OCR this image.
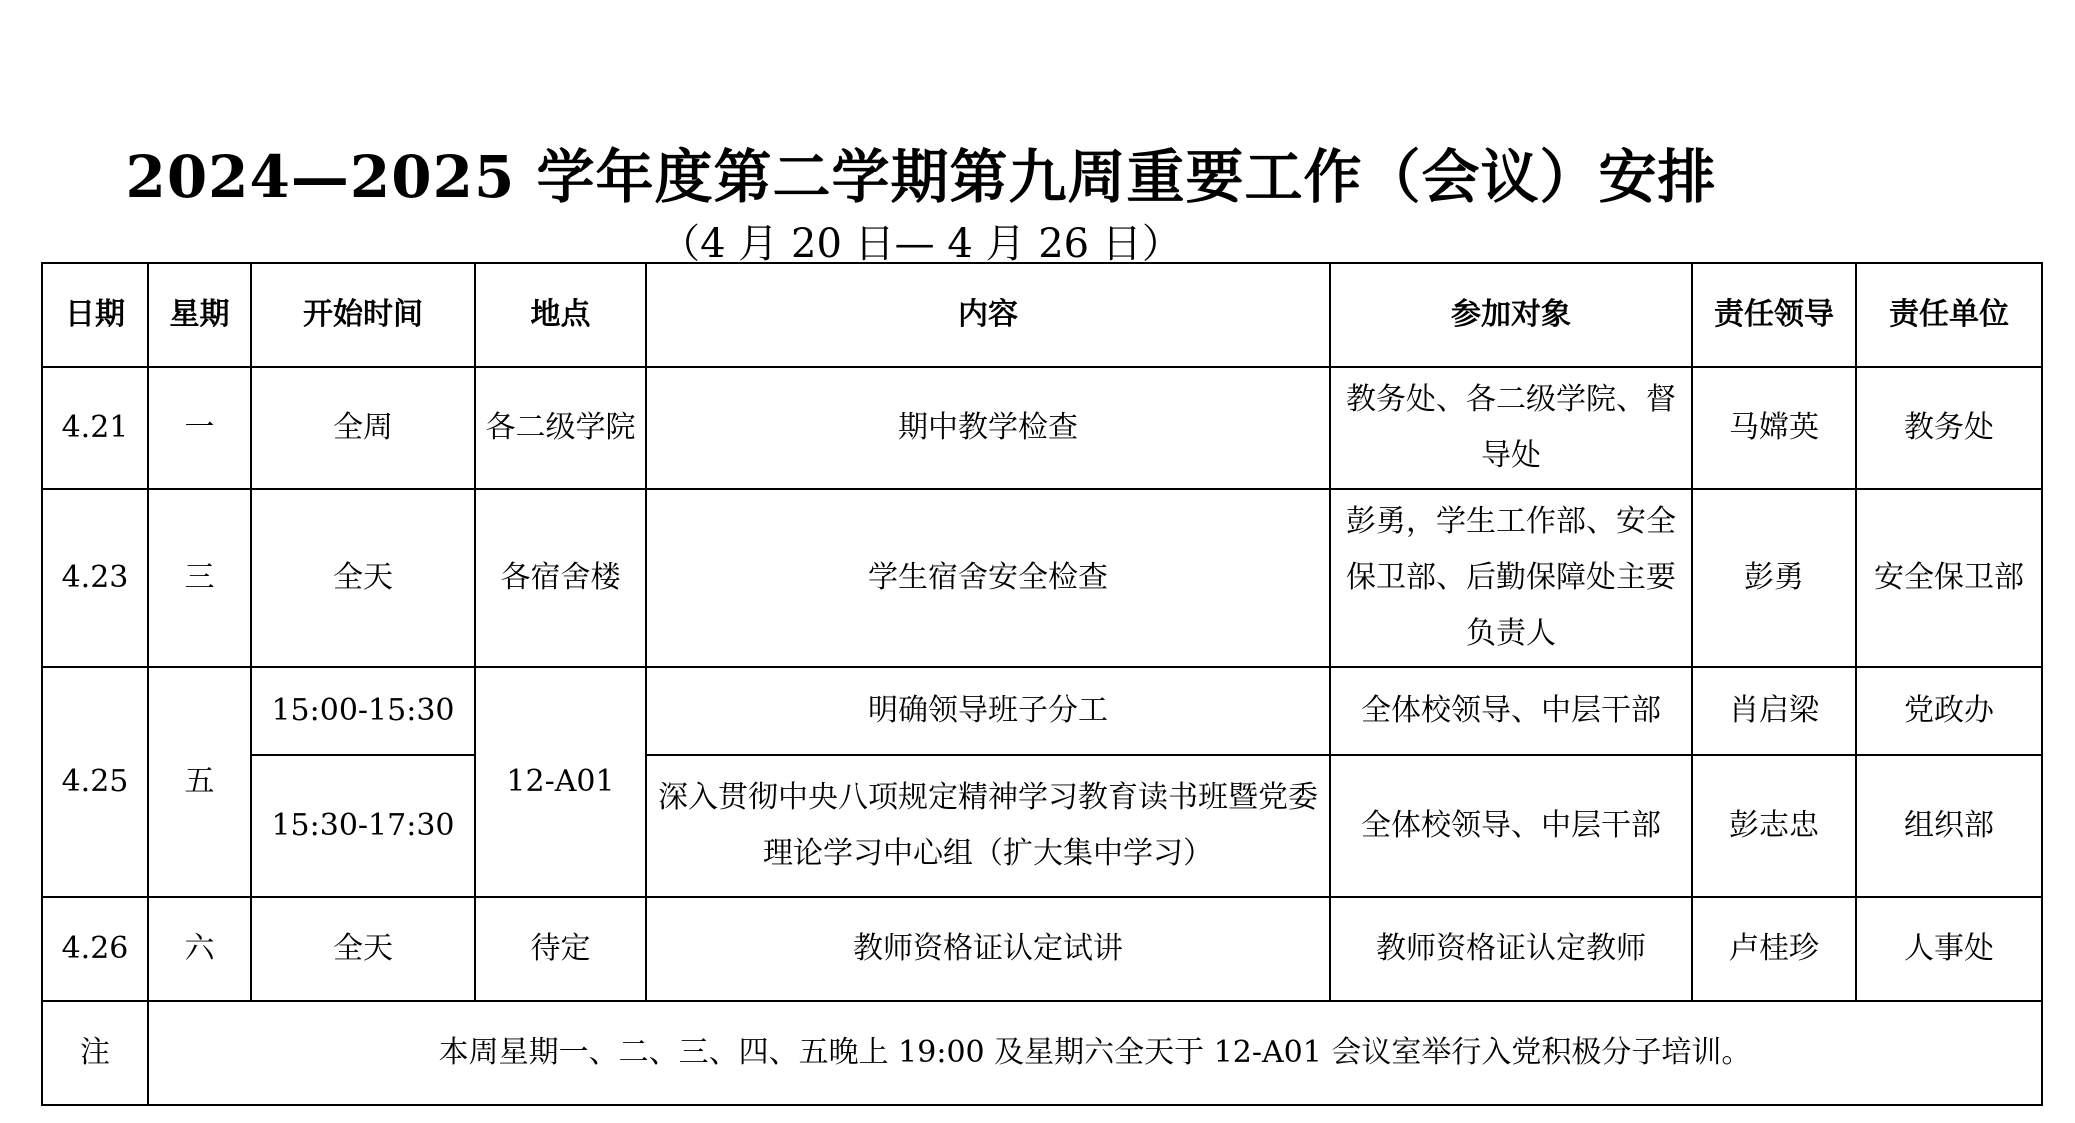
2024—2025 学年度第二学期第九周重要工作（会议）安排
（4 月 20 日— 4 月 26 日）
日期	星期	开始时间	地点	内容	参加对象	责任领导	责任单位
4.21	一	全周	各二级学院	期中教学检查	教务处、各二级学院、督导处	马嫦英	教务处
4.23	三	全天	各宿舍楼	学生宿舍安全检查	彭勇，学生工作部、安全保卫部、后勤保障处主要负责人	彭勇	安全保卫部
4.25	五	15:00-15:30	12-A01	明确领导班子分工	全体校领导、中层干部	肖启梁	党政办
		15:30-17:30		深入贯彻中央八项规定精神学习教育读书班暨党委理论学习中心组（扩大集中学习）	全体校领导、中层干部	彭志忠	组织部
4.26	六	全天	待定	教师资格证认定试讲	教师资格证认定教师	卢桂珍	人事处
注	本周星期一、二、三、四、五晚上 19:00 及星期六全天于 12-A01 会议室举行入党积极分子培训。						
